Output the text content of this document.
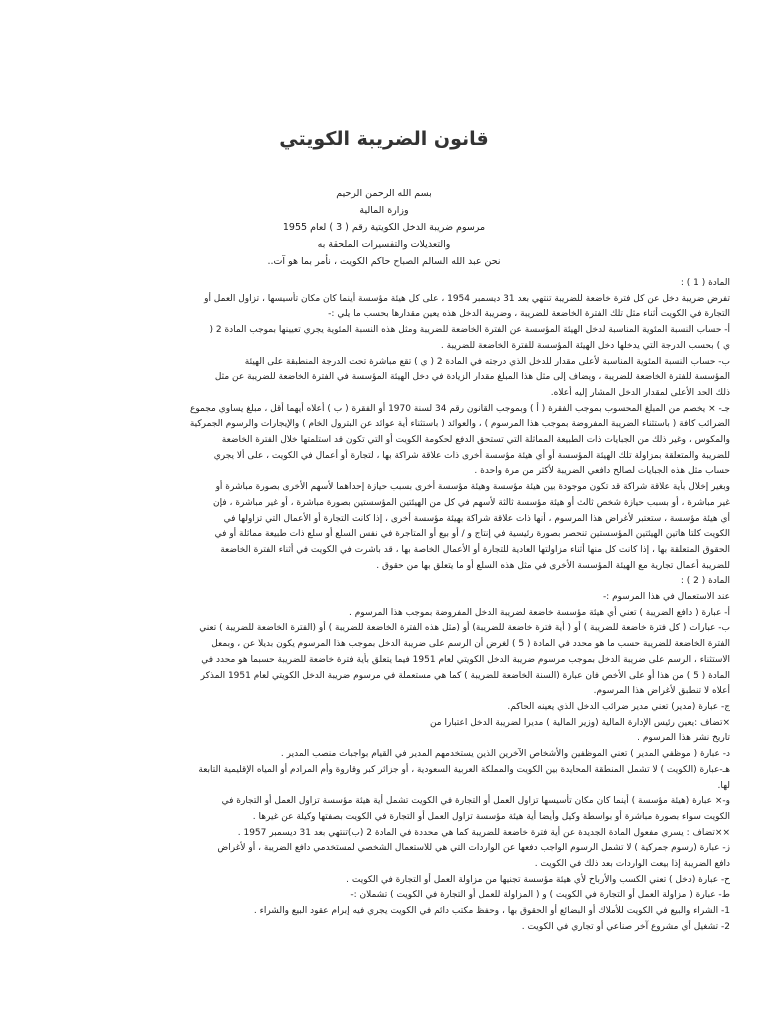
قانون الضريبة الكويتي
بسم الله الرحمن الرحيم
وزارة المالية
مرسوم ضريبة الدخل الكويتية رقم ( 3 ) لعام 1955
والتعديلات والتفسيرات الملحقة به
نحن عبد الله السالم الصباح حاكم الكويت ، نأمر بما هو آت..
المادة ( 1 ) :
تفرض ضريبة دخل عن كل فترة خاضعة للضريبة تنتهي بعد 31 ديسمبر 1954 ، على كل هيئة مؤسسة أينما كان مكان تأسيسها ، تزاول العمل أو
التجارة في الكويت أثناء مثل تلك الفترة الخاضعة للضريبة ، وضريبة الدخل هذه يعين مقدارها بحسب ما يلي :-
أ- حساب النسبة المئوية المناسبة لدخل الهيئة المؤسسة عن الفترة الخاضعة للضريبة ومثل هذه النسبة المئوية يجري تعيينها بموجب المادة 2 (
ي ) بحسب الدرجة التي يدخلها دخل الهيئة المؤسسة للفترة الخاضعة للضريبة .
ب- حساب النسبة المئوية المناسبة لأعلى مقدار للدخل الذي درجته في المادة 2 ( ي ) تقع مباشرة تحت الدرجة المنطبقة على الهيئة
المؤسسة للفترة الخاضعة للضريبة ، ويضاف إلى مثل هذا المبلغ مقدار الزيادة في دخل الهيئة المؤسسة في الفترة الخاضعة للضريبة عن مثل
ذلك الحد الأعلى لمقدار الدخل المشار إليه أعلاه.
جـ- × يخصم من المبلغ المحسوب بموجب الفقرة ( أ ) وبموجب القانون رقم 34 لسنة 1970 أو الفقرة ( ب ) أعلاه أيهما أقل ، مبلغ يساوي مجموع
الضرائب كافة ( باستثناء الضريبة المفروضة بموجب هذا المرسوم ) ، والعوائد ( باستثناء أية عوائد عن البترول الخام ) والإيجارات والرسوم الجمركية
والمكوس ، وغير ذلك من الجبايات ذات الطبيعة المماثلة التي تستحق الدفع لحكومة الكويت أو التي تكون قد استلمتها خلال الفترة الخاضعة
للضريبة والمتعلقة بمزاولة تلك الهيئة المؤسسة أو أي هيئة مؤسسة أخرى ذات علاقة شراكة بها ، لتجارة أو أعمال في الكويت ، على ألا يجري
حساب مثل هذه الجبايات لصالح دافعي الضريبة لأكثر من مرة واحدة .
وبغير إخلال بأية علاقة شراكة قد تكون موجودة بين هيئة مؤسسة وهيئة مؤسسة أخرى بسبب حيازة إحداهما لأسهم الأخرى بصورة مباشرة أو
غير مباشرة ، أو بسبب حيازة شخص ثالث أو هيئة مؤسسة ثالثة لأسهم في كل من الهيئتين المؤسستين بصورة مباشرة ، أو غير مباشرة ، فإن
أي هيئة مؤسسة ، ستعتبر لأغراض هذا المرسوم ، أنها ذات علاقة شراكة بهيئة مؤسسة أخرى ، إذا كانت التجارة أو الأعمال التي تزاولها في
الكويت كلتا هاتين الهيئتين المؤسستين تنحصر بصورة رئيسية في إنتاج و / أو بيع أو المتاجرة في نفس السلع أو سلع ذات طبيعة مماثلة أو في
الحقوق المتعلقة بها ، إذا كانت كل منها أثناء مزاولتها العادية للتجارة أو الأعمال الخاصة بها ، قد باشرت في الكويت في أثناء الفترة الخاضعة
للضريبة أعمال تجارية مع الهيئة المؤسسة الأخرى في مثل هذه السلع أو ما يتعلق بها من حقوق .
المادة ( 2 ) :
عند الاستعمال في هذا المرسوم :-
أ- عبارة ( دافع الضريبة ) تعني أي هيئة مؤسسة خاضعة لضريبة الدخل المفروضة بموجب هذا المرسوم .
ب- عبارات ( كل فترة خاضعة للضريبة ) أو ( أية فترة خاضعة للضريبة) أو (مثل هذه الفترة الخاضعة للضريبة ) أو (الفترة الخاضعة للضريبة ) تعني
الفترة الخاضعة للضريبة حسب ما هو محدد في المادة ( 5 ) لغرض أن الرسم على ضريبة الدخل بموجب هذا المرسوم يكون بديلا عن ، وبمعل
الاستثناء ، الرسم على ضريبة الدخل بموجب مرسوم ضريبة الدخل الكويتي لعام 1951 فيما يتعلق بأية فترة خاضعة للضريبة حسبما هو محدد في
المادة ( 5 ) من هذا أو على الأخص فان عبارة (السنة الخاضعة للضريبة ) كما هي مستعملة في مرسوم ضريبة الدخل الكويتي لعام 1951 المذكر
أعلاه لا تنطبق لأغراض هذا المرسوم.
ج- عبارة (مدير) تعني مدير ضرائب الدخل الذي يعينه الحاكم.
×تضاف :يعين رئيس الإدارة المالية (وزير المالية ) مديرا لضريبة الدخل اعتبارا من
تاريخ نشر هذا المرسوم .
د- عبارة ( موظفي المدير ) تعني الموظفين والأشخاص الآخرين الذين يستخدمهم المدير في القيام بواجبات منصب المدير .
هـ-عبارة (الكويت ) لا تشمل المنطقة المحايدة بين الكويت والمملكة العربية السعودية ، أو جزائر كبر وقاروة وأم المرادم أو المياه الإقليمية التابعة
لها.
و-× عبارة (هيئة مؤسسة ) أينما كان مكان تأسيسها تزاول العمل أو التجارة في الكويت تشمل أية هيئة مؤسسة تزاول العمل أو التجارة في
الكويت سواء بصورة مباشرة أو بواسطة وكيل وأيضا أية هيئة مؤسسة تزاول العمل أو التجارة في الكويت بصفتها وكيلة عن غيرها .
××تضاف : يسري مفعول المادة الجديدة عن أية فترة خاضعة للضريبة كما هي محددة في المادة 2 (ب)تنتهي بعد 31 ديسمبر 1957 .
ز- عبارة (رسوم جمركية ) لا تشمل الرسوم الواجب دفعها عن الواردات التي هي للاستعمال الشخصي لمستخدمي دافع الضريبة ، أو لأغراض
دافع الضريبة إذا بيعت الواردات بعد ذلك في الكويت .
ح- عبارة (دخل ) تعني الكسب والأرباح لأي هيئة مؤسسة تجنيها من مزاولة العمل أو التجارة في الكويت .
ط- عبارة ( مزاولة العمل أو التجارة في الكويت ) و ( المزاولة للعمل أو التجارة في الكويت ) تشملان :-
1- الشراء والبيع في الكويت للأملاك أو البضائع أو الحقوق بها ، وحفظ مكتب دائم في الكويت يجري فيه إبرام عقود البيع والشراء .
2- تشغيل أي مشروع آخر صناعي أو تجاري في الكويت .
